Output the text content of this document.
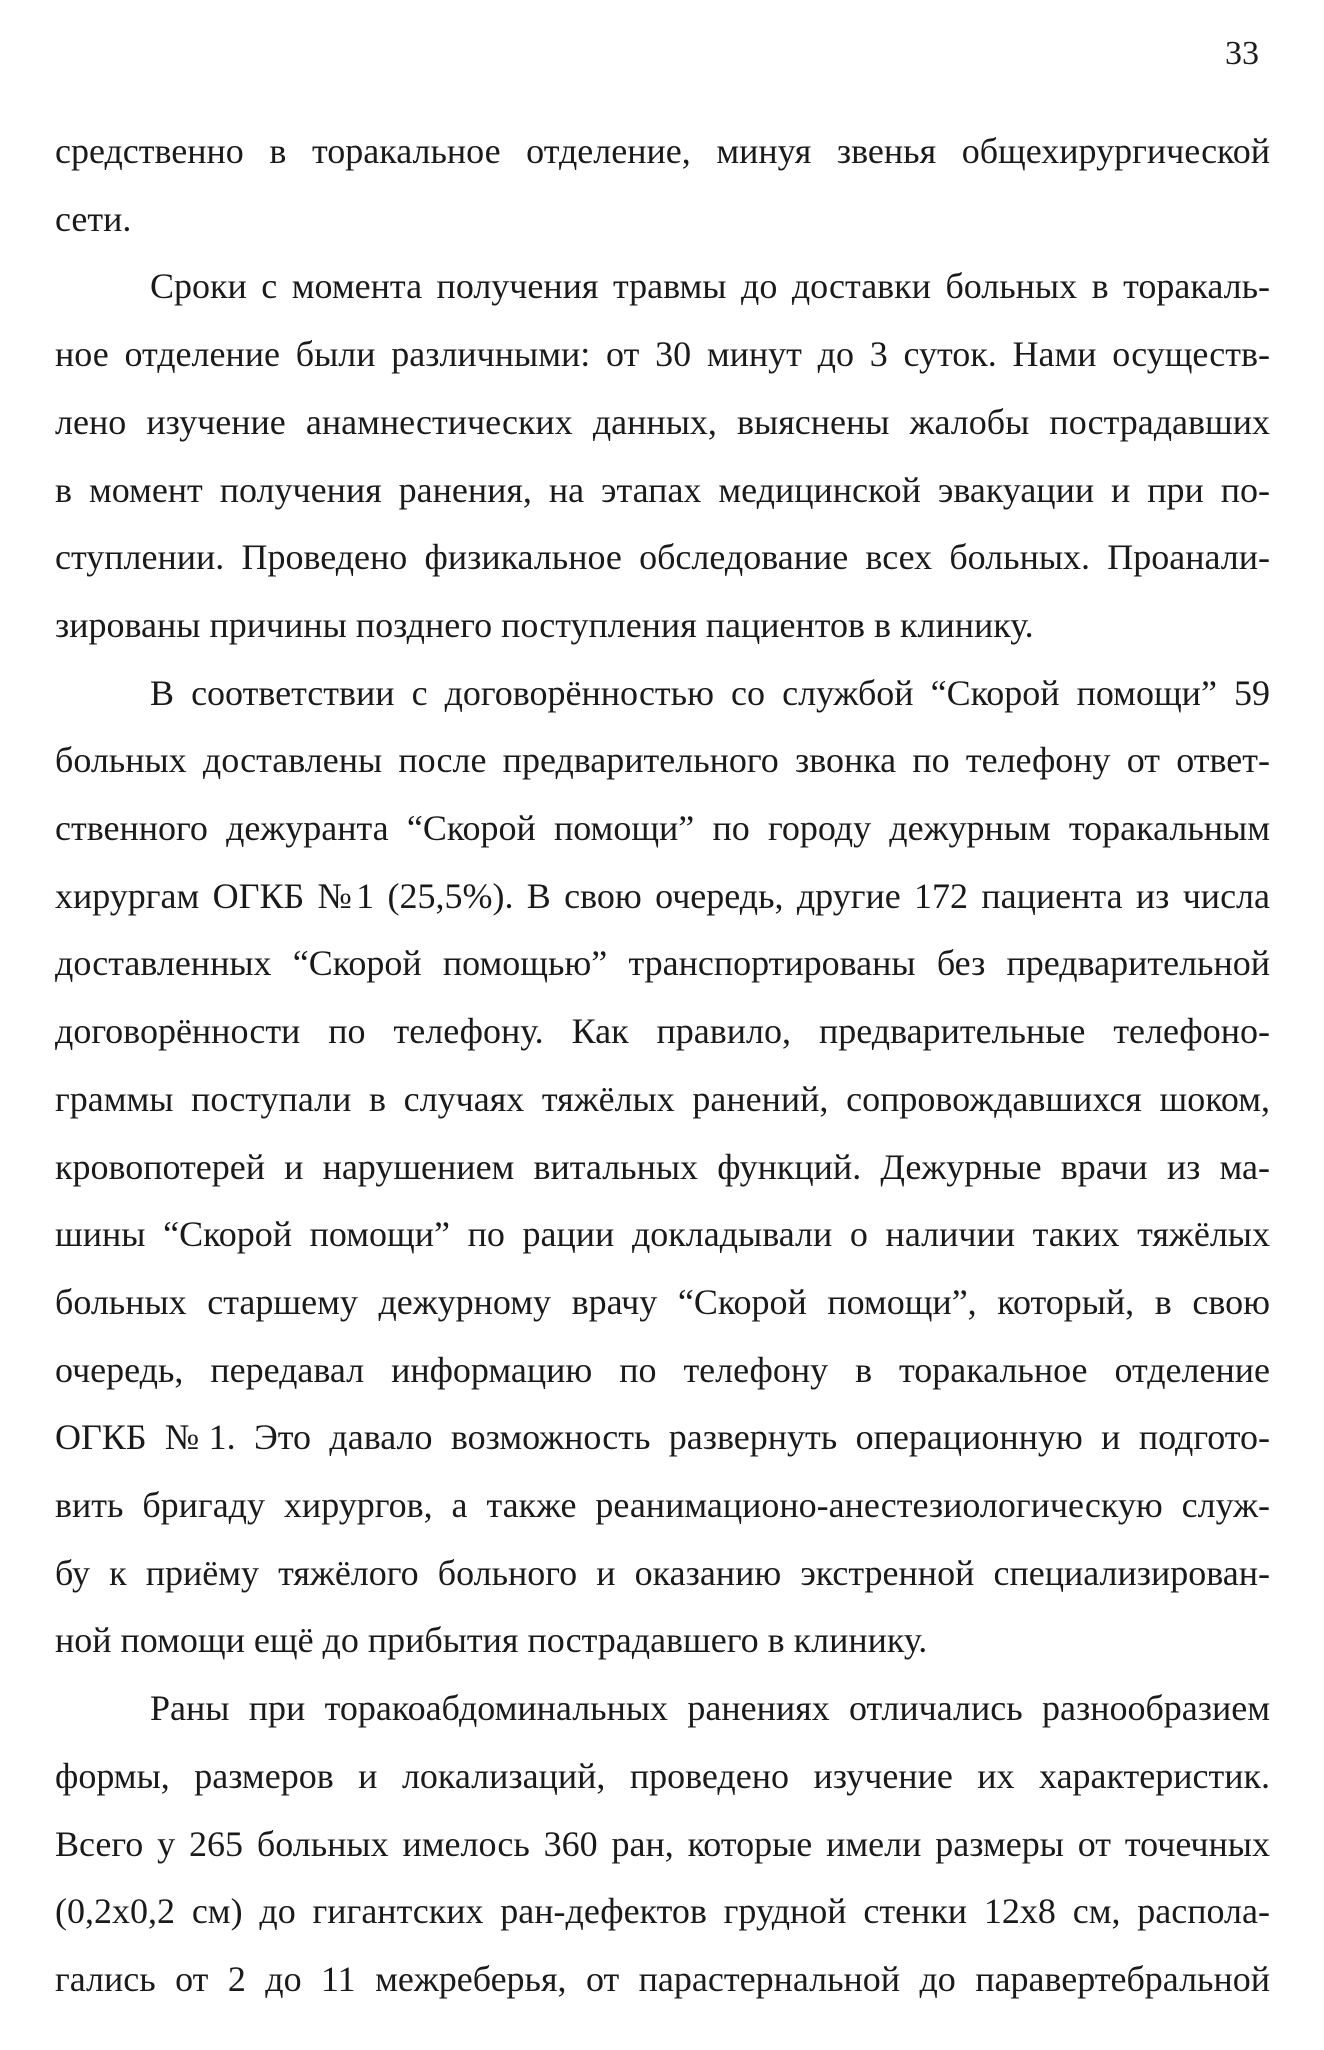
33
средственно в торакальное отделение, минуя звенья общехирургической
сети.
Сроки с момента получения травмы до доставки больных в торакаль-
ное отделение были различными: от 30 минут до 3 суток. Нами осуществ-
лено изучение анамнестических данных, выяснены жалобы пострадавших
в момент получения ранения, на этапах медицинской эвакуации и при по-
ступлении. Проведено физикальное обследование всех больных. Проанали-
зированы причины позднего поступления пациентов в клинику.
В соответствии с договорённостью со службой “Скорой помощи” 59
больных доставлены после предварительного звонка по телефону от ответ-
ственного дежуранта “Скорой помощи” по городу дежурным торакальным
хирургам ОГКБ №1 (25,5%). В свою очередь, другие 172 пациента из числа
доставленных “Скорой помощью” транспортированы без предварительной
договорённости по телефону. Как правило, предварительные телефоно-
граммы поступали в случаях тяжёлых ранений, сопровождавшихся шоком,
кровопотерей и нарушением витальных функций. Дежурные врачи из ма-
шины “Скорой помощи” по рации докладывали о наличии таких тяжёлых
больных старшему дежурному врачу “Скорой помощи”, который, в свою
очередь, передавал информацию по телефону в торакальное отделение
ОГКБ №1. Это давало возможность развернуть операционную и подгото-
вить бригаду хирургов, а также реанимационо-анестезиологическую служ-
бу к приёму тяжёлого больного и оказанию экстренной специализирован-
ной помощи ещё до прибытия пострадавшего в клинику.
Раны при торакоабдоминальных ранениях отличались разнообразием
формы, размеров и локализаций, проведено изучение их характеристик.
Всего у 265 больных имелось 360 ран, которые имели размеры от точечных
(0,2х0,2 см) до гигантских ран-дефектов грудной стенки 12х8 см, распола-
гались от 2 до 11 межреберья, от парастернальной до паравертебральной
